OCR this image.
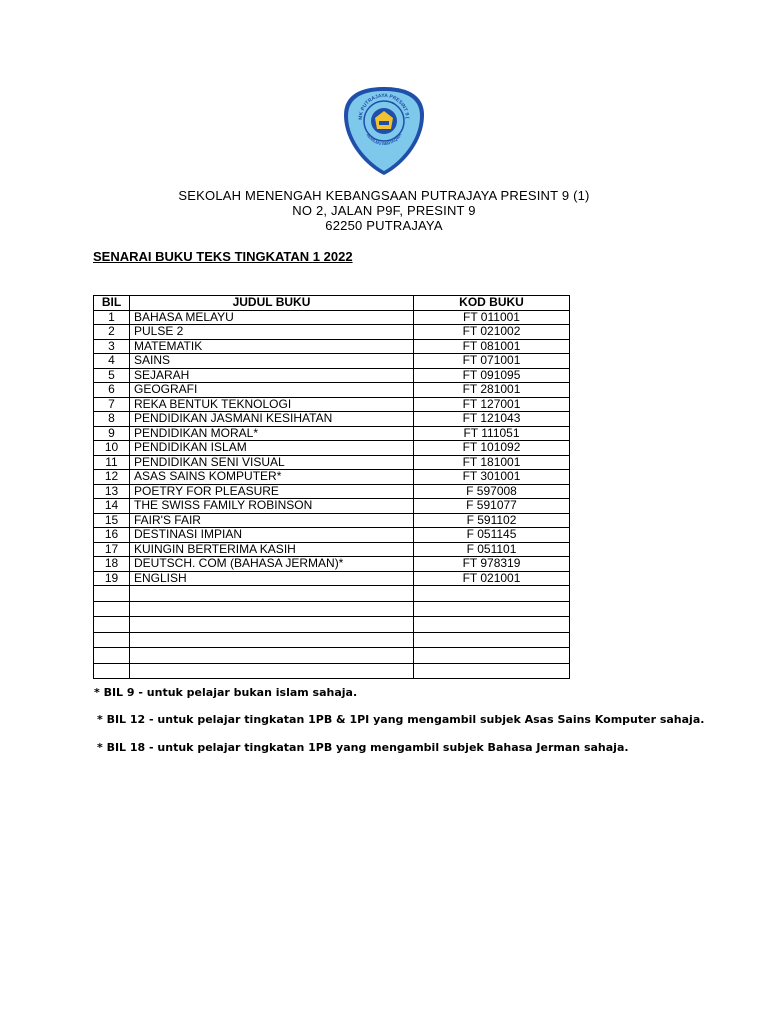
MK PUTRAJAYA PRESINT 9 (
BERILMU BERTAQWA
SEKOLAH MENENGAH KEBANGSAAN PUTRAJAYA PRESINT 9 (1)
NO 2, JALAN P9F, PRESINT 9
62250 PUTRAJAYA
SENARAI BUKU TEKS TINGKATAN 1 2022
BIL	JUDUL BUKU	KOD BUKU
1	BAHASA MELAYU	FT 011001
2	PULSE 2	FT 021002
3	MATEMATIK	FT 081001
4	SAINS	FT 071001
5	SEJARAH	FT 091095
6	GEOGRAFI	FT 281001
7	REKA BENTUK TEKNOLOGI	FT 127001
8	PENDIDIKAN JASMANI KESIHATAN	FT 121043
9	PENDIDIKAN MORAL*	FT 111051
10	PENDIDIKAN ISLAM	FT 101092
11	PENDIDIKAN SENI VISUAL	FT 181001
12	ASAS SAINS KOMPUTER*	FT 301001
13	POETRY FOR PLEASURE	F 597008
14	THE SWISS FAMILY ROBINSON	F 591077
15	FAIR'S FAIR	F 591102
16	DESTINASI IMPIAN	F 051145
17	KUINGIN BERTERIMA KASIH	F 051101
18	DEUTSCH. COM (BAHASA JERMAN)*	FT 978319
19	ENGLISH	FT 021001

* BIL 9 - untuk pelajar bukan islam sahaja.
* BIL 12 - untuk pelajar tingkatan 1PB & 1PI yang mengambil subjek Asas Sains Komputer sahaja.
* BIL 18 - untuk pelajar tingkatan 1PB yang mengambil subjek Bahasa Jerman sahaja.
